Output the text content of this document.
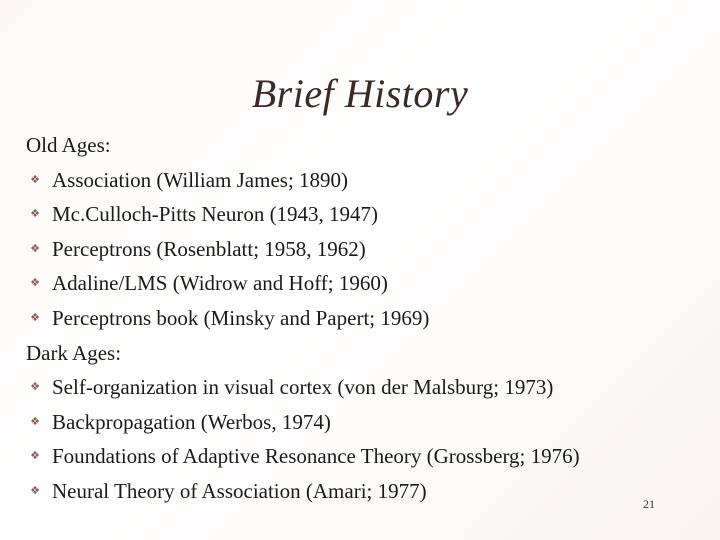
Brief History
Old Ages:
❖ Association (William James; 1890)
❖ Mc.Culloch-Pitts Neuron (1943, 1947)
❖ Perceptrons (Rosenblatt; 1958, 1962)
❖ Adaline/LMS (Widrow and Hoff; 1960)
❖ Perceptrons book (Minsky and Papert; 1969)
Dark Ages:
❖ Self-organization in visual cortex (von der Malsburg; 1973)
❖ Backpropagation (Werbos, 1974)
❖ Foundations of Adaptive Resonance Theory (Grossberg; 1976)
❖ Neural Theory of Association (Amari; 1977)
21
